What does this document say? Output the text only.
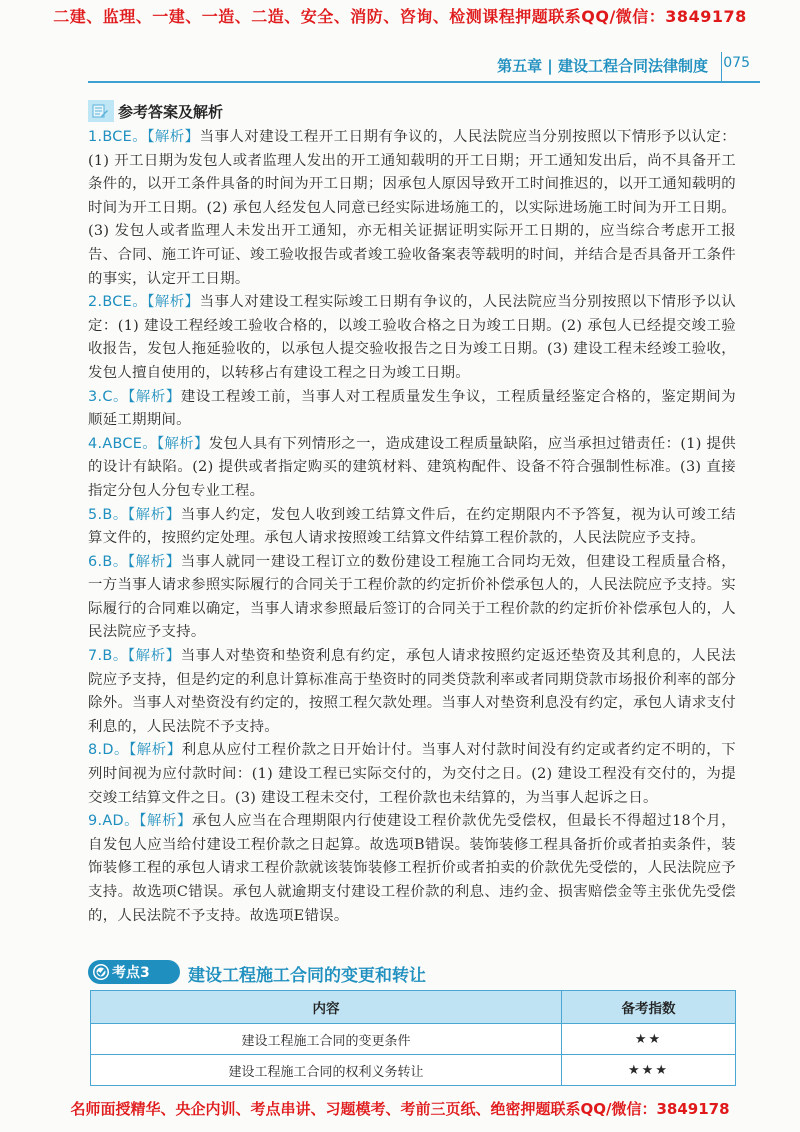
二建、监理、一建、一造、二造、安全、消防、咨询、检测课程押题联系QQ/微信：3849178
第五章 | 建设工程合同法律制度 075
参考答案及解析

1.BCE。【解析】当事人对建设工程开工日期有争议的，人民法院应当分别按照以下情形予以认定：(1) 开工日期为发包人或者监理人发出的开工通知载明的开工日期；开工通知发出后，尚不具备开工条件的，以开工条件具备的时间为开工日期；因承包人原因导致开工时间推迟的，以开工通知载明的时间为开工日期。(2) 承包人经发包人同意已经实际进场施工的，以实际进场施工时间为开工日期。(3) 发包人或者监理人未发出开工通知，亦无相关证据证明实际开工日期的，应当综合考虑开工报告、合同、施工许可证、竣工验收报告或者竣工验收备案表等载明的时间，并结合是否具备开工条件的事实，认定开工日期。

2.BCE。【解析】当事人对建设工程实际竣工日期有争议的，人民法院应当分别按照以下情形予以认定：(1) 建设工程经竣工验收合格的，以竣工验收合格之日为竣工日期。(2) 承包人已经提交竣工验收报告，发包人拖延验收的，以承包人提交验收报告之日为竣工日期。(3) 建设工程未经竣工验收，发包人擅自使用的，以转移占有建设工程之日为竣工日期。

3.C。【解析】建设工程竣工前，当事人对工程质量发生争议，工程质量经鉴定合格的，鉴定期间为顺延工期期间。

4.ABCE。【解析】发包人具有下列情形之一，造成建设工程质量缺陷，应当承担过错责任：(1) 提供的设计有缺陷。(2) 提供或者指定购买的建筑材料、建筑构配件、设备不符合强制性标准。(3) 直接指定分包人分包专业工程。

5.B。【解析】当事人约定，发包人收到竣工结算文件后，在约定期限内不予答复，视为认可竣工结算文件的，按照约定处理。承包人请求按照竣工结算文件结算工程价款的，人民法院应予支持。

6.B。【解析】当事人就同一建设工程订立的数份建设工程施工合同均无效，但建设工程质量合格，一方当事人请求参照实际履行的合同关于工程价款的约定折价补偿承包人的，人民法院应予支持。实际履行的合同难以确定，当事人请求参照最后签订的合同关于工程价款的约定折价补偿承包人的，人民法院应予支持。

7.B。【解析】当事人对垫资和垫资利息有约定，承包人请求按照约定返还垫资及其利息的，人民法院应予支持，但是约定的利息计算标准高于垫资时的同类贷款利率或者同期贷款市场报价利率的部分除外。当事人对垫资没有约定的，按照工程欠款处理。当事人对垫资利息没有约定，承包人请求支付利息的，人民法院不予支持。

8.D。【解析】利息从应付工程价款之日开始计付。当事人对付款时间没有约定或者约定不明的，下列时间视为应付款时间：(1) 建设工程已实际交付的，为交付之日。(2) 建设工程没有交付的，为提交竣工结算文件之日。(3) 建设工程未交付，工程价款也未结算的，为当事人起诉之日。

9.AD。【解析】承包人应当在合理期限内行使建设工程价款优先受偿权，但最长不得超过18个月，自发包人应当给付建设工程价款之日起算。故选项B错误。装饰装修工程具备折价或者拍卖条件，装饰装修工程的承包人请求工程价款就该装饰装修工程折价或者拍卖的价款优先受偿的，人民法院应予支持。故选项C错误。承包人就逾期支付建设工程价款的利息、违约金、损害赔偿金等主张优先受偿的，人民法院不予支持。故选项E错误。

考点3 建设工程施工合同的变更和转让
内容	备考指数
建设工程施工合同的变更条件	★★
建设工程施工合同的权利义务转让	★★★
名师面授精华、央企内训、考点串讲、习题模考、考前三页纸、绝密押题联系QQ/微信：3849178
